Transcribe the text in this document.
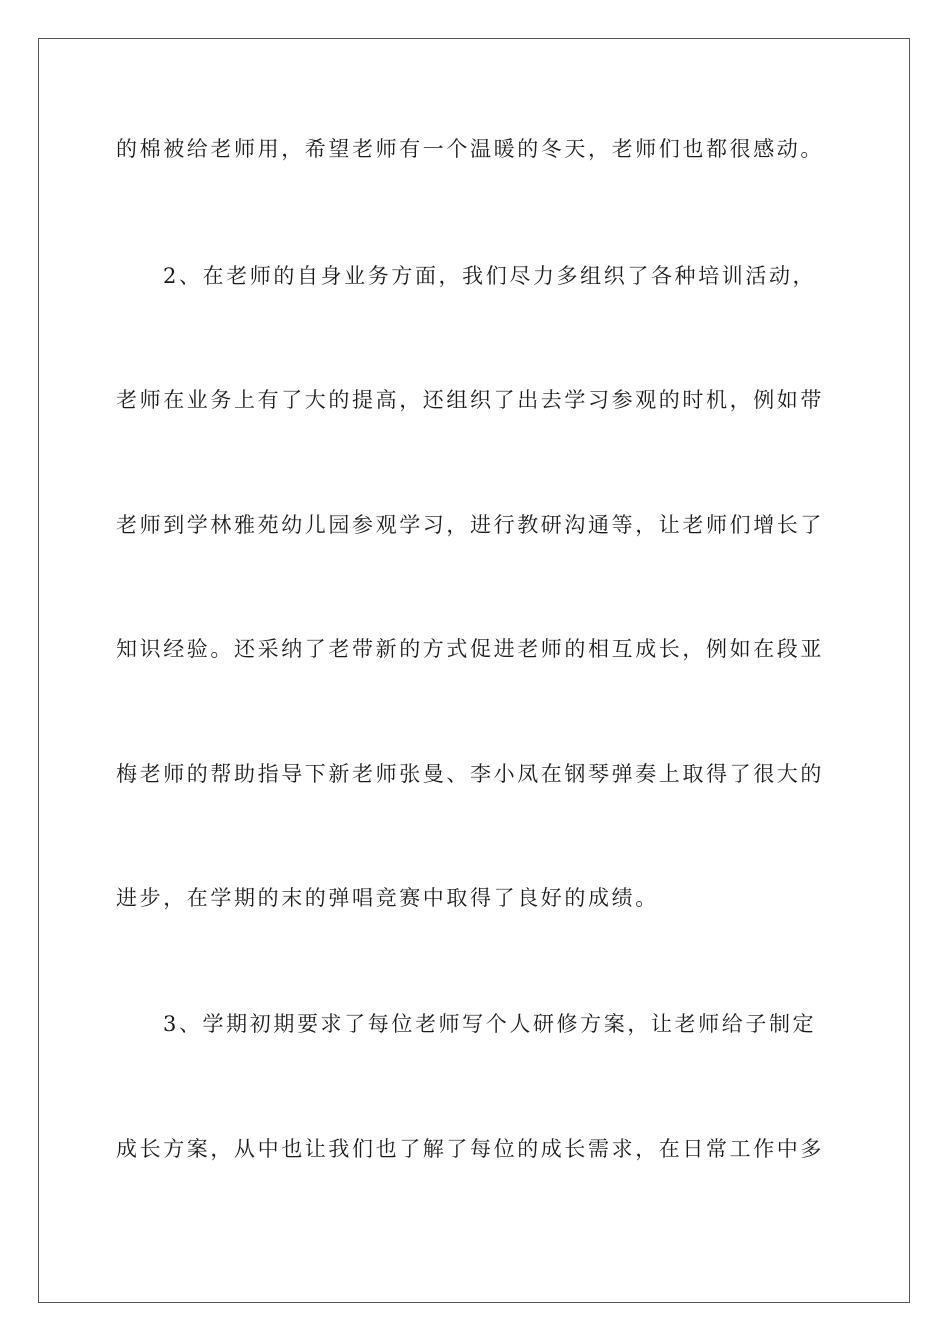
的棉被给老师用，希望老师有一个温暖的冬天，老师们也都很感动。
2、在老师的自身业务方面，我们尽力多组织了各种培训活动，
老师在业务上有了大的提高，还组织了出去学习参观的时机，例如带
老师到学林雅苑幼儿园参观学习，进行教研沟通等，让老师们增长了
知识经验。还采纳了老带新的方式促进老师的相互成长，例如在段亚
梅老师的帮助指导下新老师张曼、李小凤在钢琴弹奏上取得了很大的
进步，在学期的末的弹唱竞赛中取得了良好的成绩。
3、学期初期要求了每位老师写个人研修方案，让老师给子制定
成长方案，从中也让我们也了解了每位的成长需求，在日常工作中多
